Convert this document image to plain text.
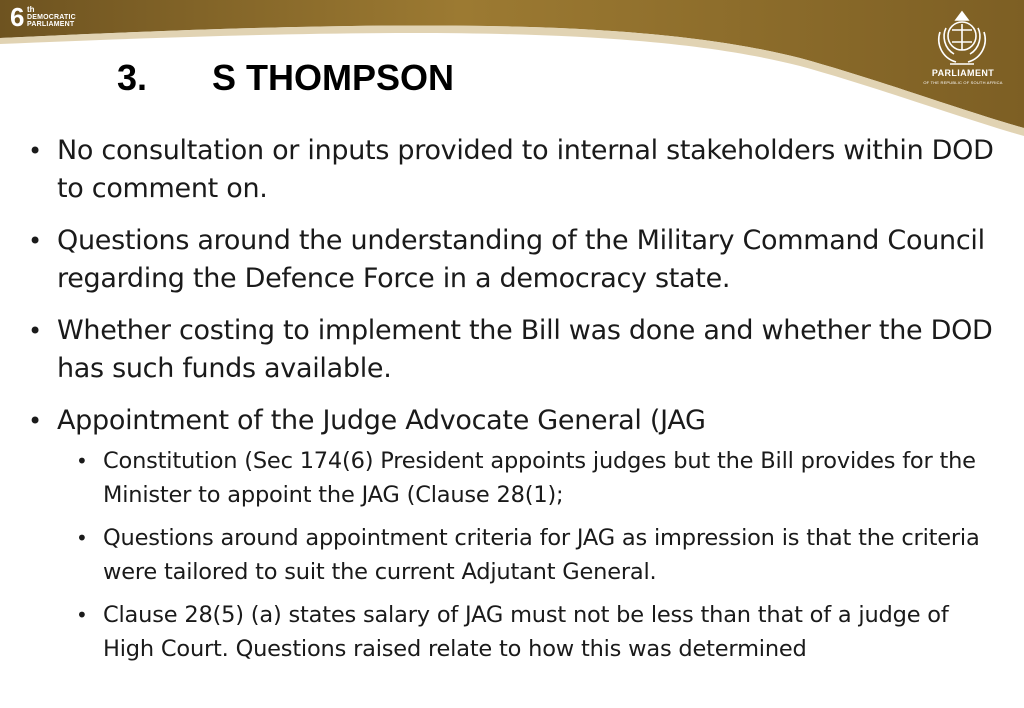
6 th
DEMOCRATIC
PARLIAMENT
PARLIAMENT
OF THE REPUBLIC OF SOUTH AFRICA
3. S THOMPSON
• No consultation or inputs provided to internal stakeholders within DOD to comment on.
• Questions around the understanding of the Military Command Council regarding the Defence Force in a democracy state.
• Whether costing to implement the Bill was done and whether the DOD has such funds available.
• Appointment of the Judge Advocate General (JAG
• Constitution (Sec 174(6) President appoints judges but the Bill provides for the Minister to appoint the JAG (Clause 28(1);
• Questions around appointment criteria for JAG as impression is that the criteria were tailored to suit the current Adjutant General.
• Clause 28(5) (a) states salary of JAG must not be less than that of a judge of High Court. Questions raised relate to how this was determined
